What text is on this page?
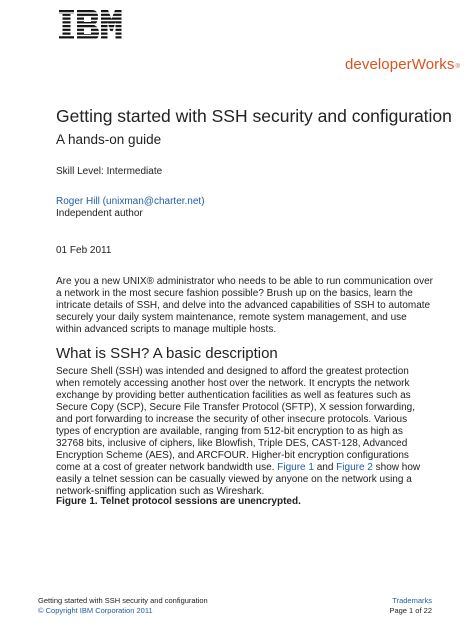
developerWorks®
Getting started with SSH security and configuration
A hands-on guide
Skill Level: Intermediate
Roger Hill (unixman@charter.net)
Independent author
01 Feb 2011

Are you a new UNIX® administrator who needs to be able to run communication over
a network in the most secure fashion possible? Brush up on the basics, learn the
intricate details of SSH, and delve into the advanced capabilities of SSH to automate
securely your daily system maintenance, remote system management, and use
within advanced scripts to manage multiple hosts.

What is SSH? A basic description

Secure Shell (SSH) was intended and designed to afford the greatest protection
when remotely accessing another host over the network. It encrypts the network
exchange by providing better authentication facilities as well as features such as
Secure Copy (SCP), Secure File Transfer Protocol (SFTP), X session forwarding,
and port forwarding to increase the security of other insecure protocols. Various
types of encryption are available, ranging from 512-bit encryption to as high as
32768 bits, inclusive of ciphers, like Blowfish, Triple DES, CAST-128, Advanced
Encryption Scheme (AES), and ARCFOUR. Higher-bit encryption configurations
come at a cost of greater network bandwidth use. Figure 1 and Figure 2 show how
easily a telnet session can be casually viewed by anyone on the network using a
network-sniffing application such as Wireshark.

Figure 1. Telnet protocol sessions are unencrypted.
Getting started with SSH security and configuration
© Copyright IBM Corporation 2011
Trademarks
Page 1 of 22
